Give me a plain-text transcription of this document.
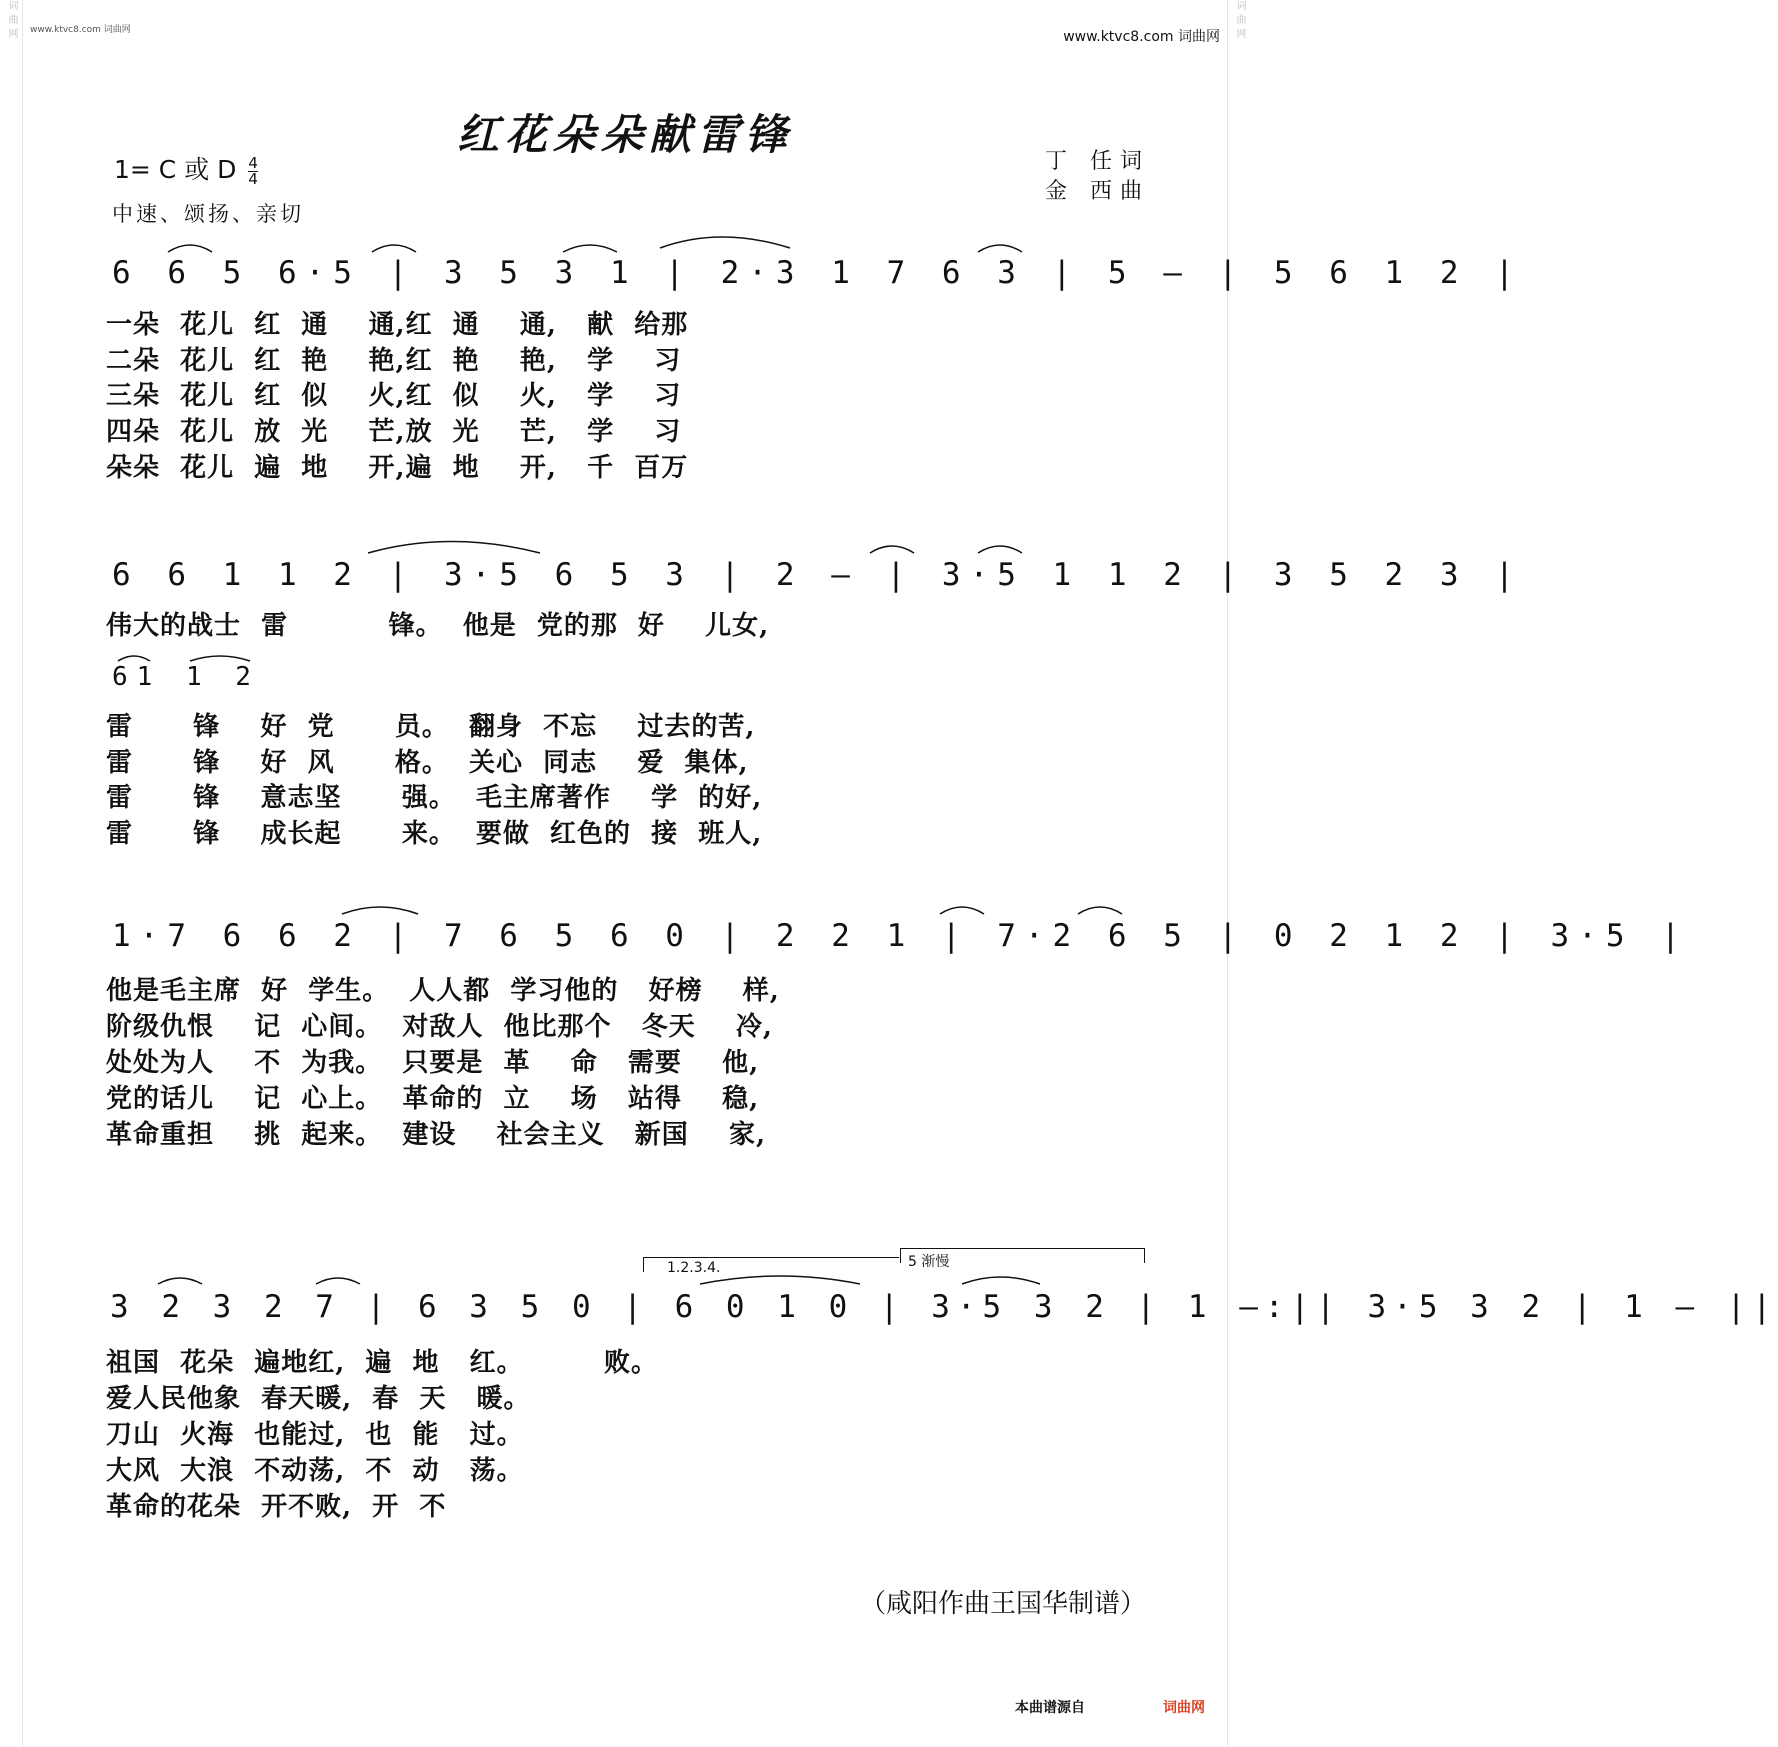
词曲网	词曲网
www.ktvc8.com 词曲网	www.ktvc8.com 词曲网
红花朵朵献雷锋
1= C 或 D $\frac{4}{4}$	丁 任词
金 西曲
中速、颂扬、亲切
6 6 5 6·5 | 3 5 3 1 | 2·3 1 7 6 3 | 5 – | 5 6 1 2 |
一朵  花儿  红  通    通,红  通    通,   献  给那
二朵  花儿  红  艳    艳,红  艳    艳,   学    习
三朵  花儿  红  似    火,红  似    火,   学    习
四朵  花儿  放  光    芒,放  光    芒,   学    习
朵朵  花儿  遍  地    开,遍  地    开,   千  百万
6 6 1 1 2 | 3·5 6 5 3 | 2 – | 3·5 1 1 2 | 3 5 2 3 |
伟大的战士  雷          锋。  他是  党的那  好    儿女,
61 1 2
雷      锋    好  党      员。  翻身  不忘    过去的苦,
雷      锋    好  风      格。  关心  同志    爱  集体,
雷      锋    意志坚      强。  毛主席著作    学  的好,
雷      锋    成长起      来。  要做  红色的  接  班人,
1·7 6 6 2 | 7 6 5 6 0 | 2 2 1 | 7·2 6 5 | 0 2 1 2 | 3·5 |
他是毛主席  好  学生。  人人都  学习他的   好榜    样,
阶级仇恨    记  心间。  对敌人  他比那个   冬天    冷,
处处为人    不  为我。  只要是  革    命   需要    他,
党的话儿    记  心上。  革命的  立    场   站得    稳,
革命重担    挑  起来。  建设    社会主义   新国    家,
1.2.3.4.	5 渐慢
3 2 3 2 7 | 6 3 5 0 | 6 0 1 0 | 3·5 3 2 | 1 –:|| 3·5 3 2 | 1 – ||
祖国  花朵  遍地红,  遍  地   红。        败。
爱人民他象  春天暖,  春  天   暖。
刀山  火海  也能过,  也  能   过。
大风  大浪  不动荡,  不  动   荡。
革命的花朵  开不败,  开  不
（咸阳作曲王国华制谱）
本曲谱源自	词曲网
